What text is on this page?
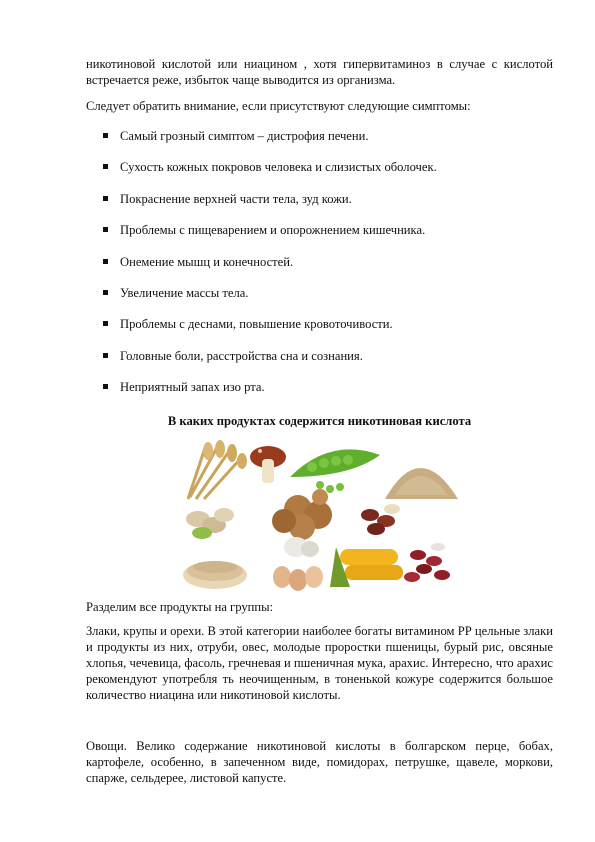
никотиновой кислотой или ниацином , хотя гипервитаминоз в случае с кислотой встречается реже, избыток чаще выводится из организма.

Следует обратить внимание, если присутствуют следующие симптомы:

Самый грозный симптом – дистрофия печени.
Сухость кожных покровов человека и слизистых оболочек.
Покраснение верхней части тела, зуд кожи.
Проблемы с пищеварением и опорожнением кишечника.
Онемение мышц и конечностей.
Увеличение массы тела.
Проблемы с деснами, повышение кровоточивости.
Головные боли, расстройства сна и сознания.
Неприятный запах изо рта.
В каких продуктах содержится никотиновая кислота

Разделим все продукты на группы:

Злаки, крупы и орехи. В этой категории наиболее богаты витамином РР цельные злаки и продукты из них, отруби, овес, молодые проростки пшеницы, бурый рис, овсяные хлопья, чечевица, фасоль, гречневая и пшеничная мука, арахис. Интересно, что арахис рекомендуют употребля ть неочищенным, в тоненькой кожуре содержится большое количество ниацина или никотиновой кислоты.

Овощи. Велико содержание никотиновой кислоты в болгарском перце, бобах, картофеле, особенно, в запеченном виде, помидорах, петрушке, щавеле, моркови, спарже, сельдерее, листовой капусте.
